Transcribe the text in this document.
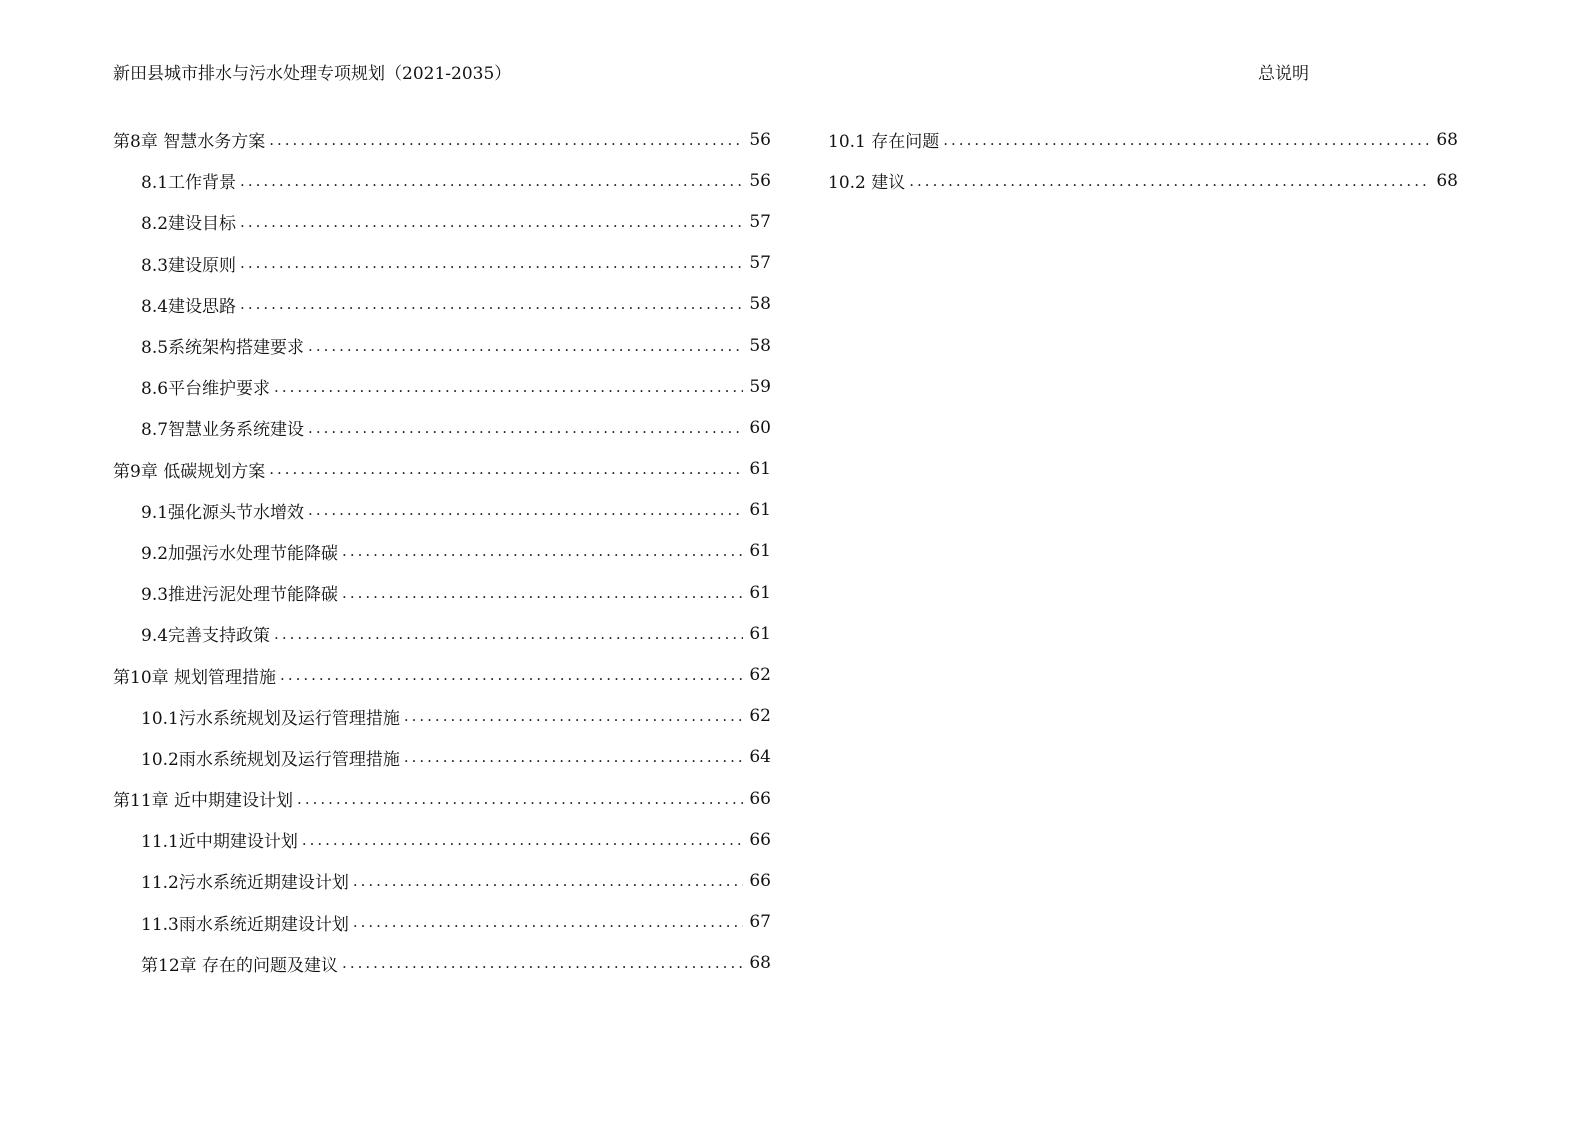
新田县城市排水与污水处理专项规划（2021-2035）	总说明
第8章 智慧水务方案 .....	56
8.1工作背景 .....	56
8.2建设目标 .....	57
8.3建设原则 .....	57
8.4建设思路 .....	58
8.5系统架构搭建要求 .....	58
8.6平台维护要求 .....	59
8.7智慧业务系统建设 .....	60
第9章 低碳规划方案 .....	61
9.1强化源头节水增效 .....	61
9.2加强污水处理节能降碳 .....	61
9.3推进污泥处理节能降碳 .....	61
9.4完善支持政策 .....	61
第10章 规划管理措施 .....	62
10.1污水系统规划及运行管理措施 .....	62
10.2雨水系统规划及运行管理措施 .....	64
第11章 近中期建设计划 .....	66
11.1近中期建设计划 .....	66
11.2污水系统近期建设计划 .....	66
11.3雨水系统近期建设计划 .....	67
第12章 存在的问题及建议 .....	68
10.1 存在问题 .....	68
10.2 建议 .....	68
